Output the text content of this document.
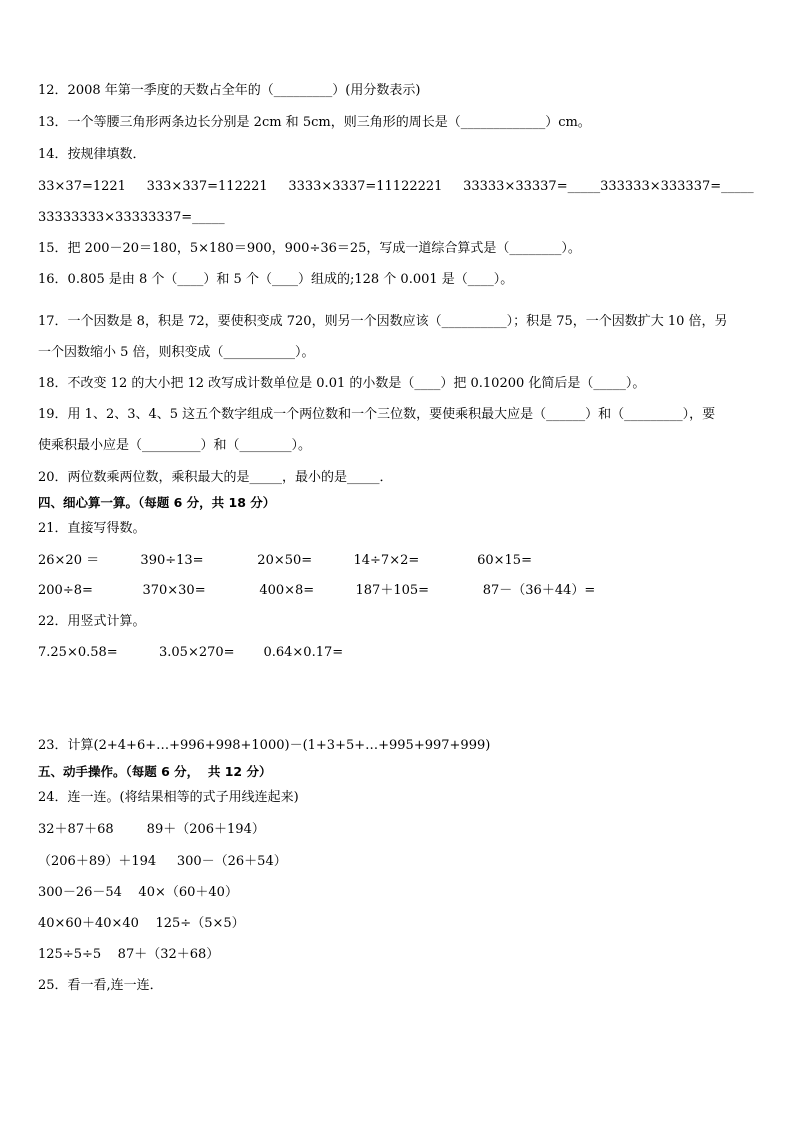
12．2008 年第一季度的天数占全年的（_________）(用分数表示)
13．一个等腰三角形两条边长分别是 2cm 和 5cm，则三角形的周长是（_____________）cm。
14．按规律填数．
33×37=1221     333×337=112221     3333×3337=11122221     33333×33337=_____333333×333337=_____
33333333×33333337=_____
15．把 200－20＝180，5×180＝900，900÷36＝25，写成一道综合算式是（________）。
16．0.805 是由 8 个（____）和 5 个（____）组成的;128 个 0.001 是（____）。
17．一个因数是 8，积是 72，要使积变成 720，则另一个因数应该（__________）；积是 75，一个因数扩大 10 倍，另
一个因数缩小 5 倍，则积变成（___________）。
18．不改变 12 的大小把 12 改写成计数单位是 0.01 的小数是（____）把 0.10200 化简后是（_____）。
19．用 1、2、3、4、5 这五个数字组成一个两位数和一个三位数，要使乘积最大应是（______）和（_________），要
使乘积最小应是（_________）和（________）。
20．两位数乘两位数，乘积最大的是_____，最小的是_____．
四、细心算一算。（每题 6 分，共 18 分）
21．直接写得数。
26×20 ＝          390÷13=             20×50=          14÷7×2=              60×15=
200÷8=            370×30=             400×8=          187＋105=             87－（36＋44）=
22．用竖式计算。
7.25×0.58=          3.05×270=       0.64×0.17=
23．计算(2+4+6+…+996+998+1000)－(1+3+5+…+995+997+999)
五、动手操作。（每题 6 分，  共 12 分）
24．连一连。(将结果相等的式子用线连起来)
32＋87＋68        89＋（206＋194）
（206＋89）＋194     300－（26＋54）
300－26－54    40×（60＋40）
40×60＋40×40    125÷（5×5）
125÷5÷5    87＋（32＋68）
25．看一看,连一连．
